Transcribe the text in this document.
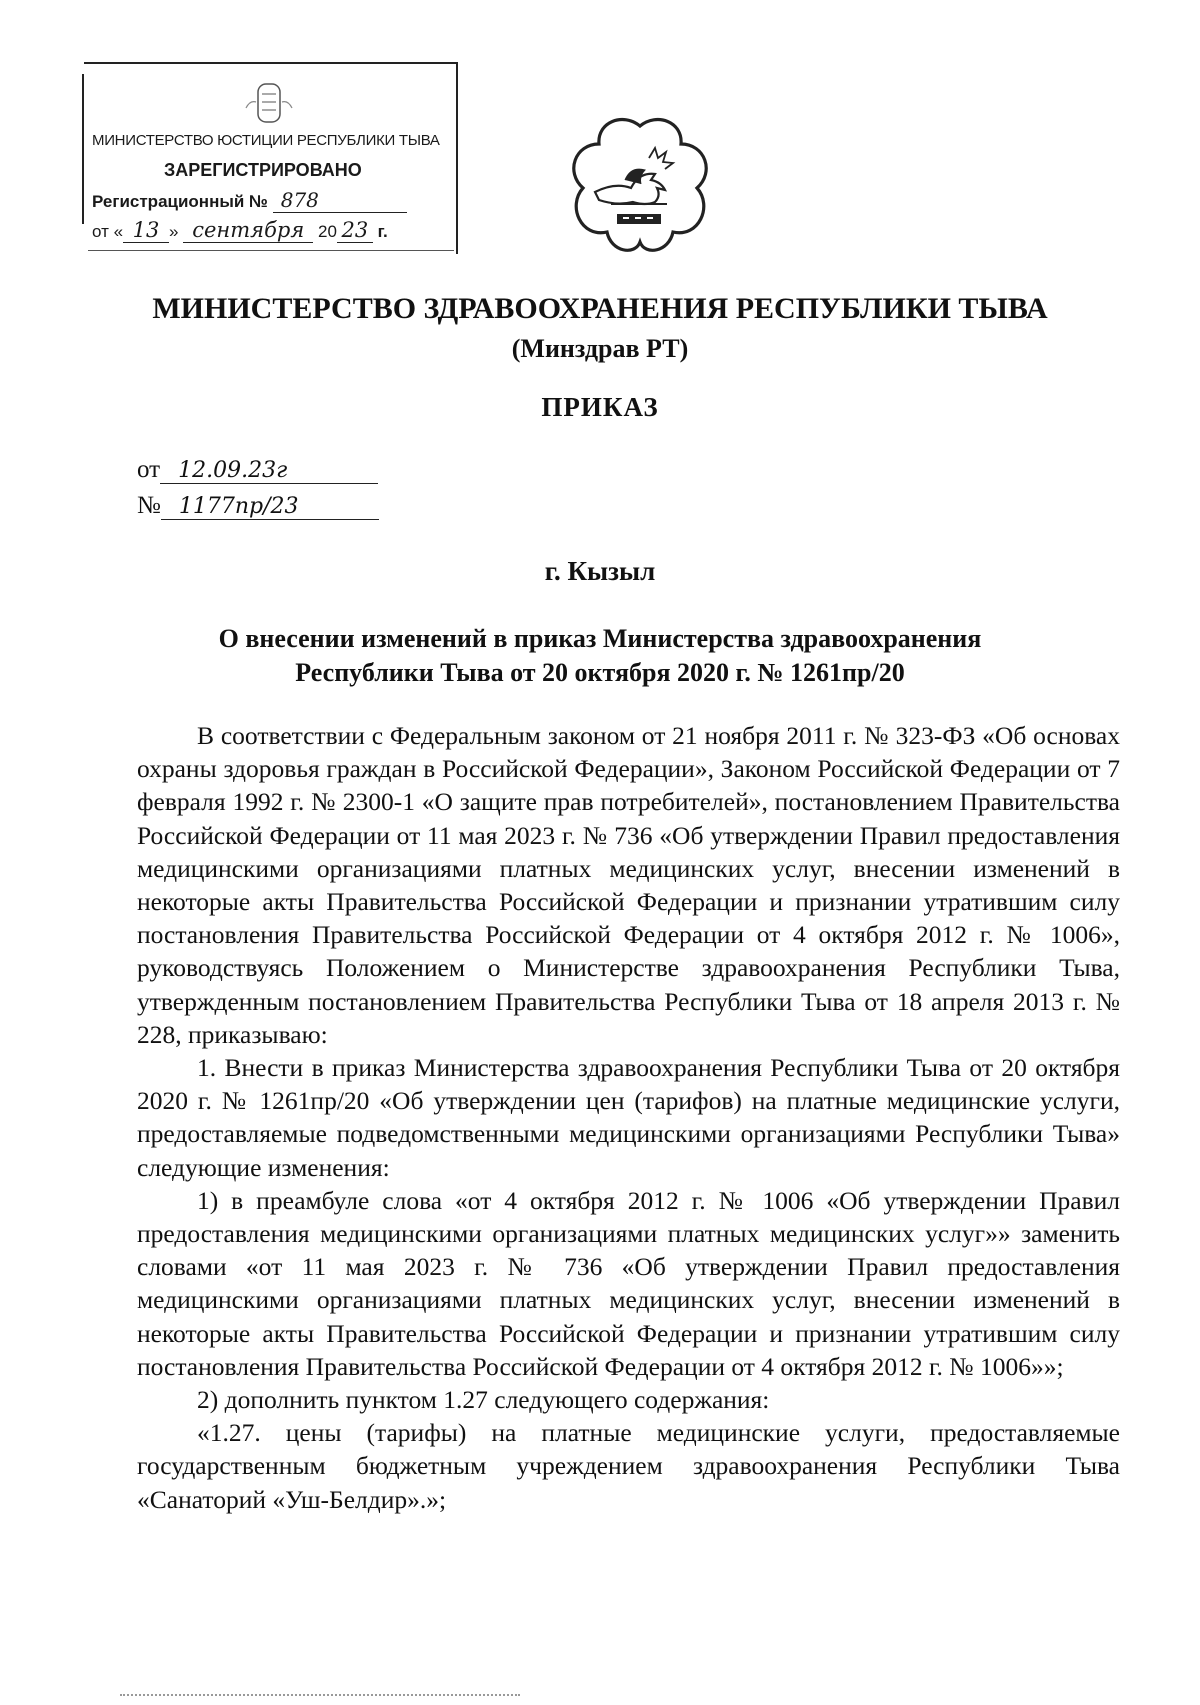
МИНИСТЕРСТВО ЮСТИЦИИ РЕСПУБЛИКИ ТЫВА
ЗАРЕГИСТРИРОВАНО
Регистрационный № 878
от « 13 » сентября 20 23 г.
МИНИСТЕРСТВО ЗДРАВООХРАНЕНИЯ РЕСПУБЛИКИ ТЫВА
(Минздрав РТ)
ПРИКАЗ
от 12.09.23г
№ 1177пр/23
г. Кызыл
О внесении изменений в приказ Министерства здравоохранения
Республики Тыва от 20 октября 2020 г. № 1261пр/20

В соответствии с Федеральным законом от 21 ноября 2011 г. № 323-ФЗ «Об основах охраны здоровья граждан в Российской Федерации», Законом Российской Федерации от 7 февраля 1992 г. № 2300-1 «О защите прав потребителей», постановлением Правительства Российской Федерации от 11 мая 2023 г. № 736 «Об утверждении Правил предоставления медицинскими организациями платных медицинских услуг, внесении изменений в некоторые акты Правительства Российской Федерации и признании утратившим силу постановления Правительства Российской Федерации от 4 октября 2012 г. № 1006», руководствуясь Положением о Министерстве здравоохранения Республики Тыва, утвержденным постановлением Правительства Республики Тыва от 18 апреля 2013 г. № 228, приказываю:

1. Внести в приказ Министерства здравоохранения Республики Тыва от 20 октября 2020 г. № 1261пр/20 «Об утверждении цен (тарифов) на платные медицинские услуги, предоставляемые подведомственными медицинскими организациями Республики Тыва» следующие изменения:

1) в преамбуле слова «от 4 октября 2012 г. № 1006 «Об утверждении Правил предоставления медицинскими организациями платных медицинских услуг»» заменить словами «от 11 мая 2023 г. № 736 «Об утверждении Правил предоставления медицинскими организациями платных медицинских услуг, внесении изменений в некоторые акты Правительства Российской Федерации и признании утратившим силу постановления Правительства Российской Федерации от 4 октября 2012 г. № 1006»»;

2) дополнить пунктом 1.27 следующего содержания:

«1.27. цены (тарифы) на платные медицинские услуги, предоставляемые государственным бюджетным учреждением здравоохранения Республики Тыва «Санаторий «Уш-Белдир».»;
